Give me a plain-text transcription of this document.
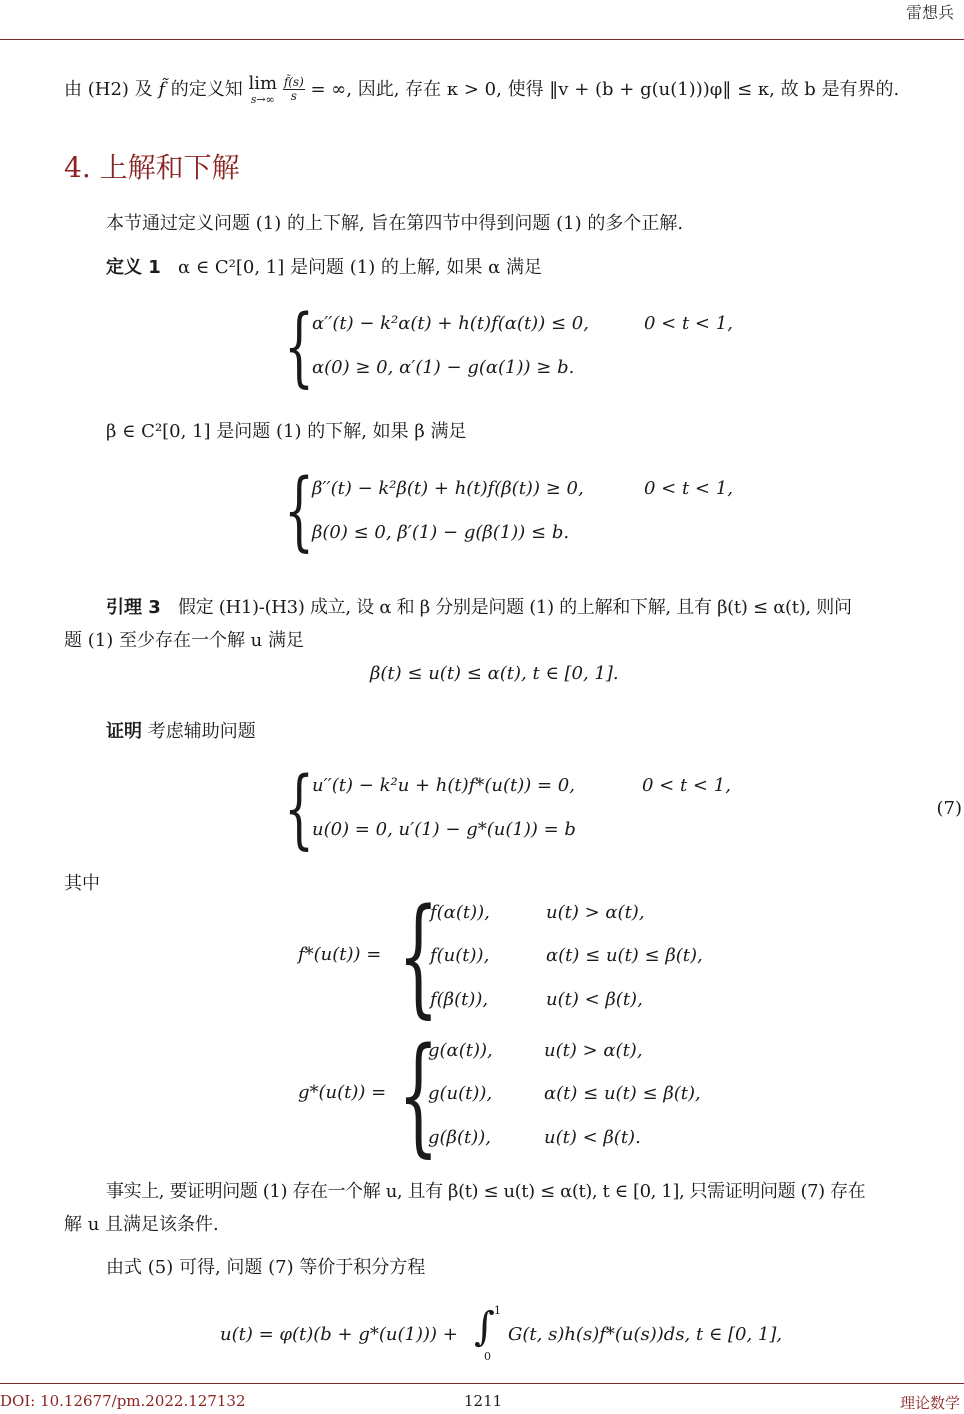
雷想兵
由 (H2) 及 f̃ 的定义知 lim
s→∞
$\frac{f̃(s)}{s}$ = ∞, 因此, 存在 κ > 0, 使得 ‖v + (b + g(u(1)))φ‖ ≤ κ, 故 b 是有界的.
4. 上解和下解
本节通过定义问题 (1) 的上下解, 旨在第四节中得到问题 (1) 的多个正解.
定义 1 α ∈ C²[0, 1] 是问题 (1) 的上解, 如果 α 满足
{
α′′(t) − k²α(t) + h(t)f(α(t)) ≤ 0,	0 < t < 1,
α(0) ≥ 0, α′(1) − g(α(1)) ≥ b.
β ∈ C²[0, 1] 是问题 (1) 的下解, 如果 β 满足
{
β′′(t) − k²β(t) + h(t)f(β(t)) ≥ 0,	0 < t < 1,
β(0) ≤ 0, β′(1) − g(β(1)) ≤ b.
引理 3 假定 (H1)-(H3) 成立, 设 α 和 β 分别是问题 (1) 的上解和下解, 且有 β(t) ≤ α(t), 则问
题 (1) 至少存在一个解 u 满足
β(t) ≤ u(t) ≤ α(t), t ∈ [0, 1].
证明 考虑辅助问题
{
u′′(t) − k²u + h(t)f*(u(t)) = 0,	0 < t < 1,
u(0) = 0, u′(1) − g*(u(1)) = b
(7)
其中
f*(u(t)) = {
f(α(t)),	u(t) > α(t),
f(u(t)),	α(t) ≤ u(t) ≤ β(t),
f(β(t)),	u(t) < β(t),
g*(u(t)) = {
g(α(t)),	u(t) > α(t),
g(u(t)),	α(t) ≤ u(t) ≤ β(t),
g(β(t)),	u(t) < β(t).
事实上, 要证明问题 (1) 存在一个解 u, 且有 β(t) ≤ u(t) ≤ α(t), t ∈ [0, 1], 只需证明问题 (7) 存在
解 u 且满足该条件.
由式 (5) 可得, 问题 (7) 等价于积分方程
u(t) = φ(t)(b + g*(u(1))) + ∫ 1
0
G(t, s)h(s)f*(u(s))ds, t ∈ [0, 1],
DOI: 10.12677/pm.2022.127132	1211	理论数学
